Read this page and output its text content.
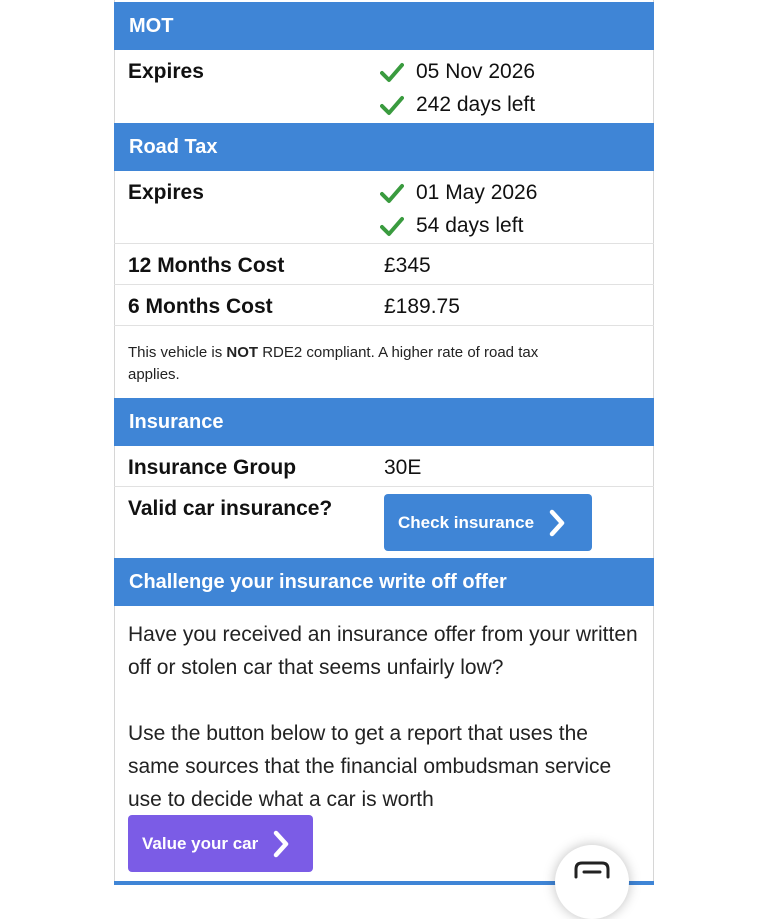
MOT
Expires	05 Nov 2026
242 days left
Road Tax
Expires	01 May 2026
54 days left
12 Months Cost	£345
6 Months Cost	£189.75
This vehicle is NOT RDE2 compliant. A higher rate of road tax applies.
Insurance
Insurance Group	30E
Valid car insurance?
Check insurance
Challenge your insurance write off offer
Have you received an insurance offer from your written off or stolen car that seems unfairly low?
Use the button below to get a report that uses the same sources that the financial ombudsman service use to decide what a car is worth
Value your car
